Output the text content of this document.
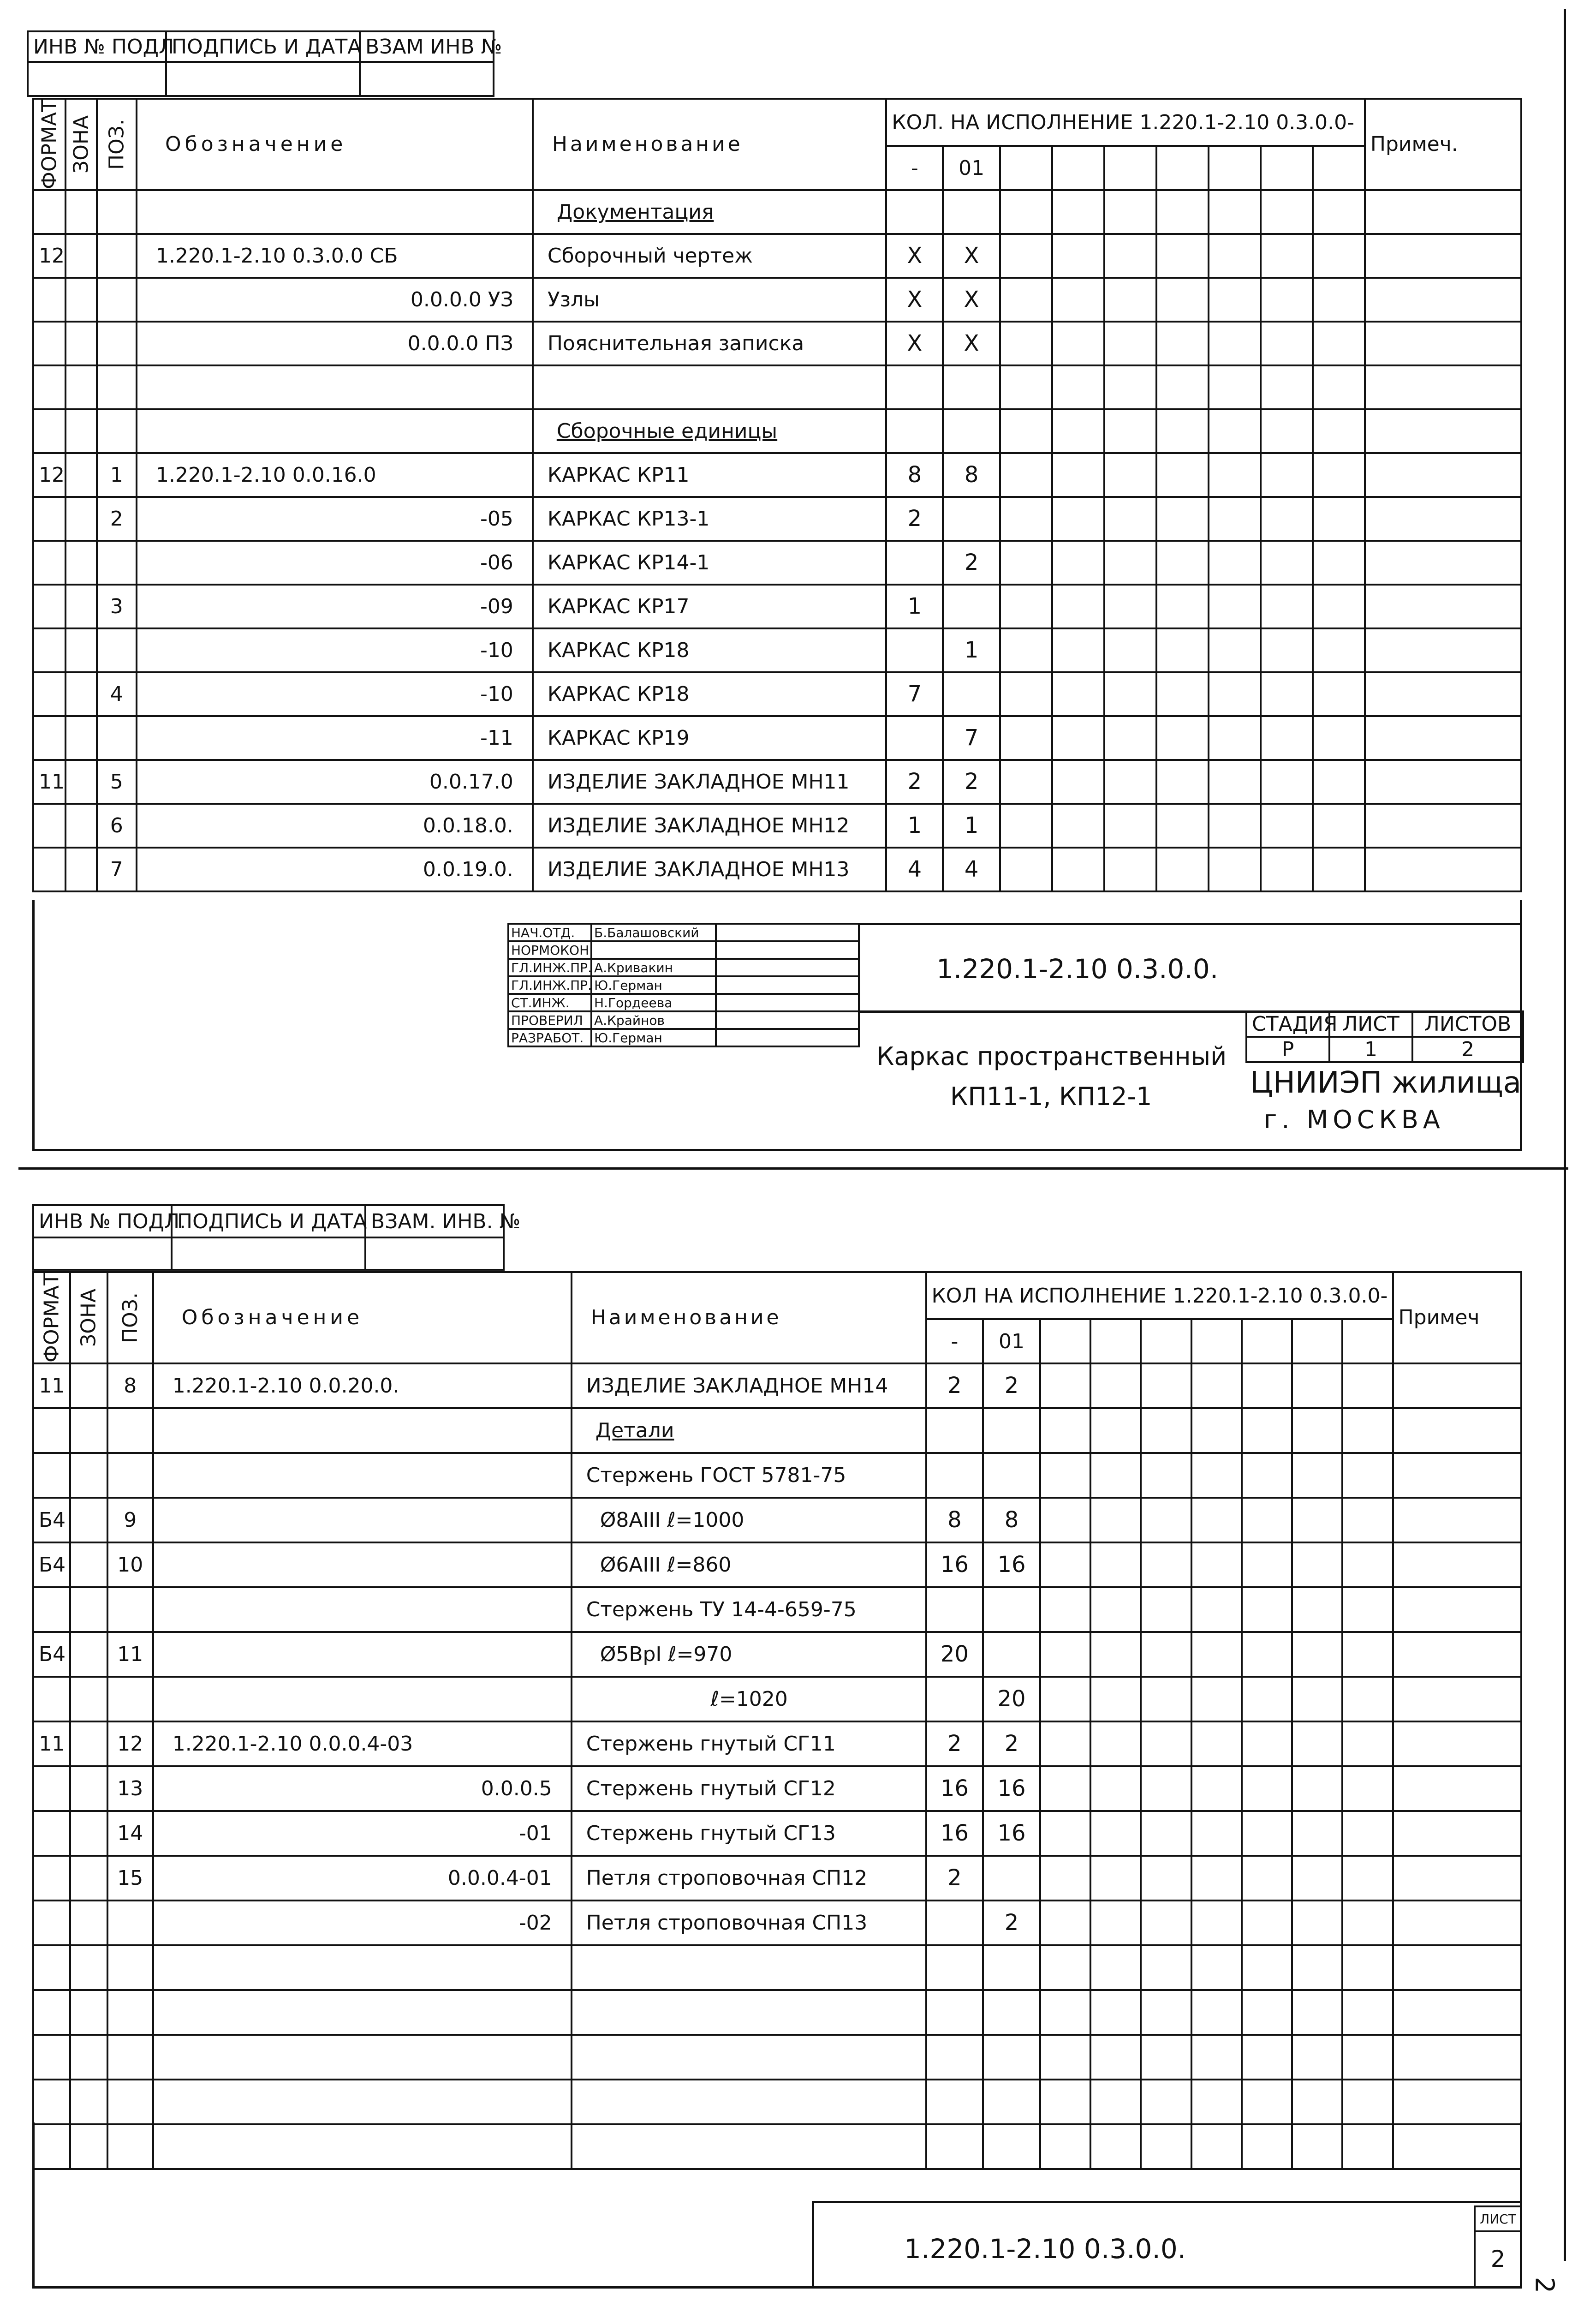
ИНВ № ПОДЛ	ПОДПИСЬ И ДАТА	ВЗАМ ИНВ №

ФОРМАТ	ЗОНА	ПОЗ.	Обозначение	Наименование	КОЛ. НА ИСПОЛНЕНИЕ 1.220.1-2.10 0.3.0.0-									Примеч.
					-	01								
				Документация										
12			1.220.1-2.10 0.3.0.0 СБ	Сборочный чертеж	X	X								
			0.0.0.0 УЗ	Узлы	X	X								
			0.0.0.0 ПЗ	Пояснительная записка	X	X								

				Сборочные единицы										
12		1	1.220.1-2.10 0.0.16.0	КАРКАС КР11	8	8								
		2	-05	КАРКАС КР13-1	2									
			-06	КАРКАС КР14-1		2								
		3	-09	КАРКАС КР17	1									
			-10	КАРКАС КР18		1								
		4	-10	КАРКАС КР18	7									
			-11	КАРКАС КР19		7								
11		5	0.0.17.0	ИЗДЕЛИЕ ЗАКЛАДНОЕ МН11	2	2								
		6	0.0.18.0.	ИЗДЕЛИЕ ЗАКЛАДНОЕ МН12	1	1								
		7	0.0.19.0.	ИЗДЕЛИЕ ЗАКЛАДНОЕ МН13	4	4								
НАЧ.ОТД.	Б.Балашовский	
НОРМОКОН.		
ГЛ.ИНЖ.ПР.	А.Кривакин	
ГЛ.ИНЖ.ПР.	Ю.Герман	
СТ.ИНЖ.	Н.Гордеева	
ПРОВЕРИЛ	А.Крайнов	
РАЗРАБОТ.	Ю.Герман	
1.220.1-2.10 0.3.0.0.
Каркас пространственный
КП11-1, КП12-1
СТАДИЯ	ЛИСТ	ЛИСТОВ
Р	1	2
ЦНИИЭП жилища
г. МОСКВА
ИНВ № ПОДЛ.	ПОДПИСЬ И ДАТА	ВЗАМ. ИНВ. №

ФОРМАТ	ЗОНА	ПОЗ.	Обозначение	Наименование	КОЛ НА ИСПОЛНЕНИЕ 1.220.1-2.10 0.3.0.0-									Примеч
					-	01								
11		8	1.220.1-2.10 0.0.20.0.	ИЗДЕЛИЕ ЗАКЛАДНОЕ МН14	2	2								
				Детали										
				Стержень ГОСТ 5781-75										
Б4		9		Ø8АIII ℓ=1000	8	8								
Б4		10		Ø6АIII ℓ=860	16	16								
				Стержень ТУ 14-4-659-75										
Б4		11		Ø5ВрI ℓ=970	20									
				ℓ=1020		20								
11		12	1.220.1-2.10 0.0.0.4-03	Стержень гнутый СГ11	2	2								
		13	0.0.0.5	Стержень гнутый СГ12	16	16								
		14	-01	Стержень гнутый СГ13	16	16								
		15	0.0.0.4-01	Петля строповочная СП12	2									
			-02	Петля строповочная СП13		2								

1.220.1-2.10 0.3.0.0.
ЛИСТ
2
2
